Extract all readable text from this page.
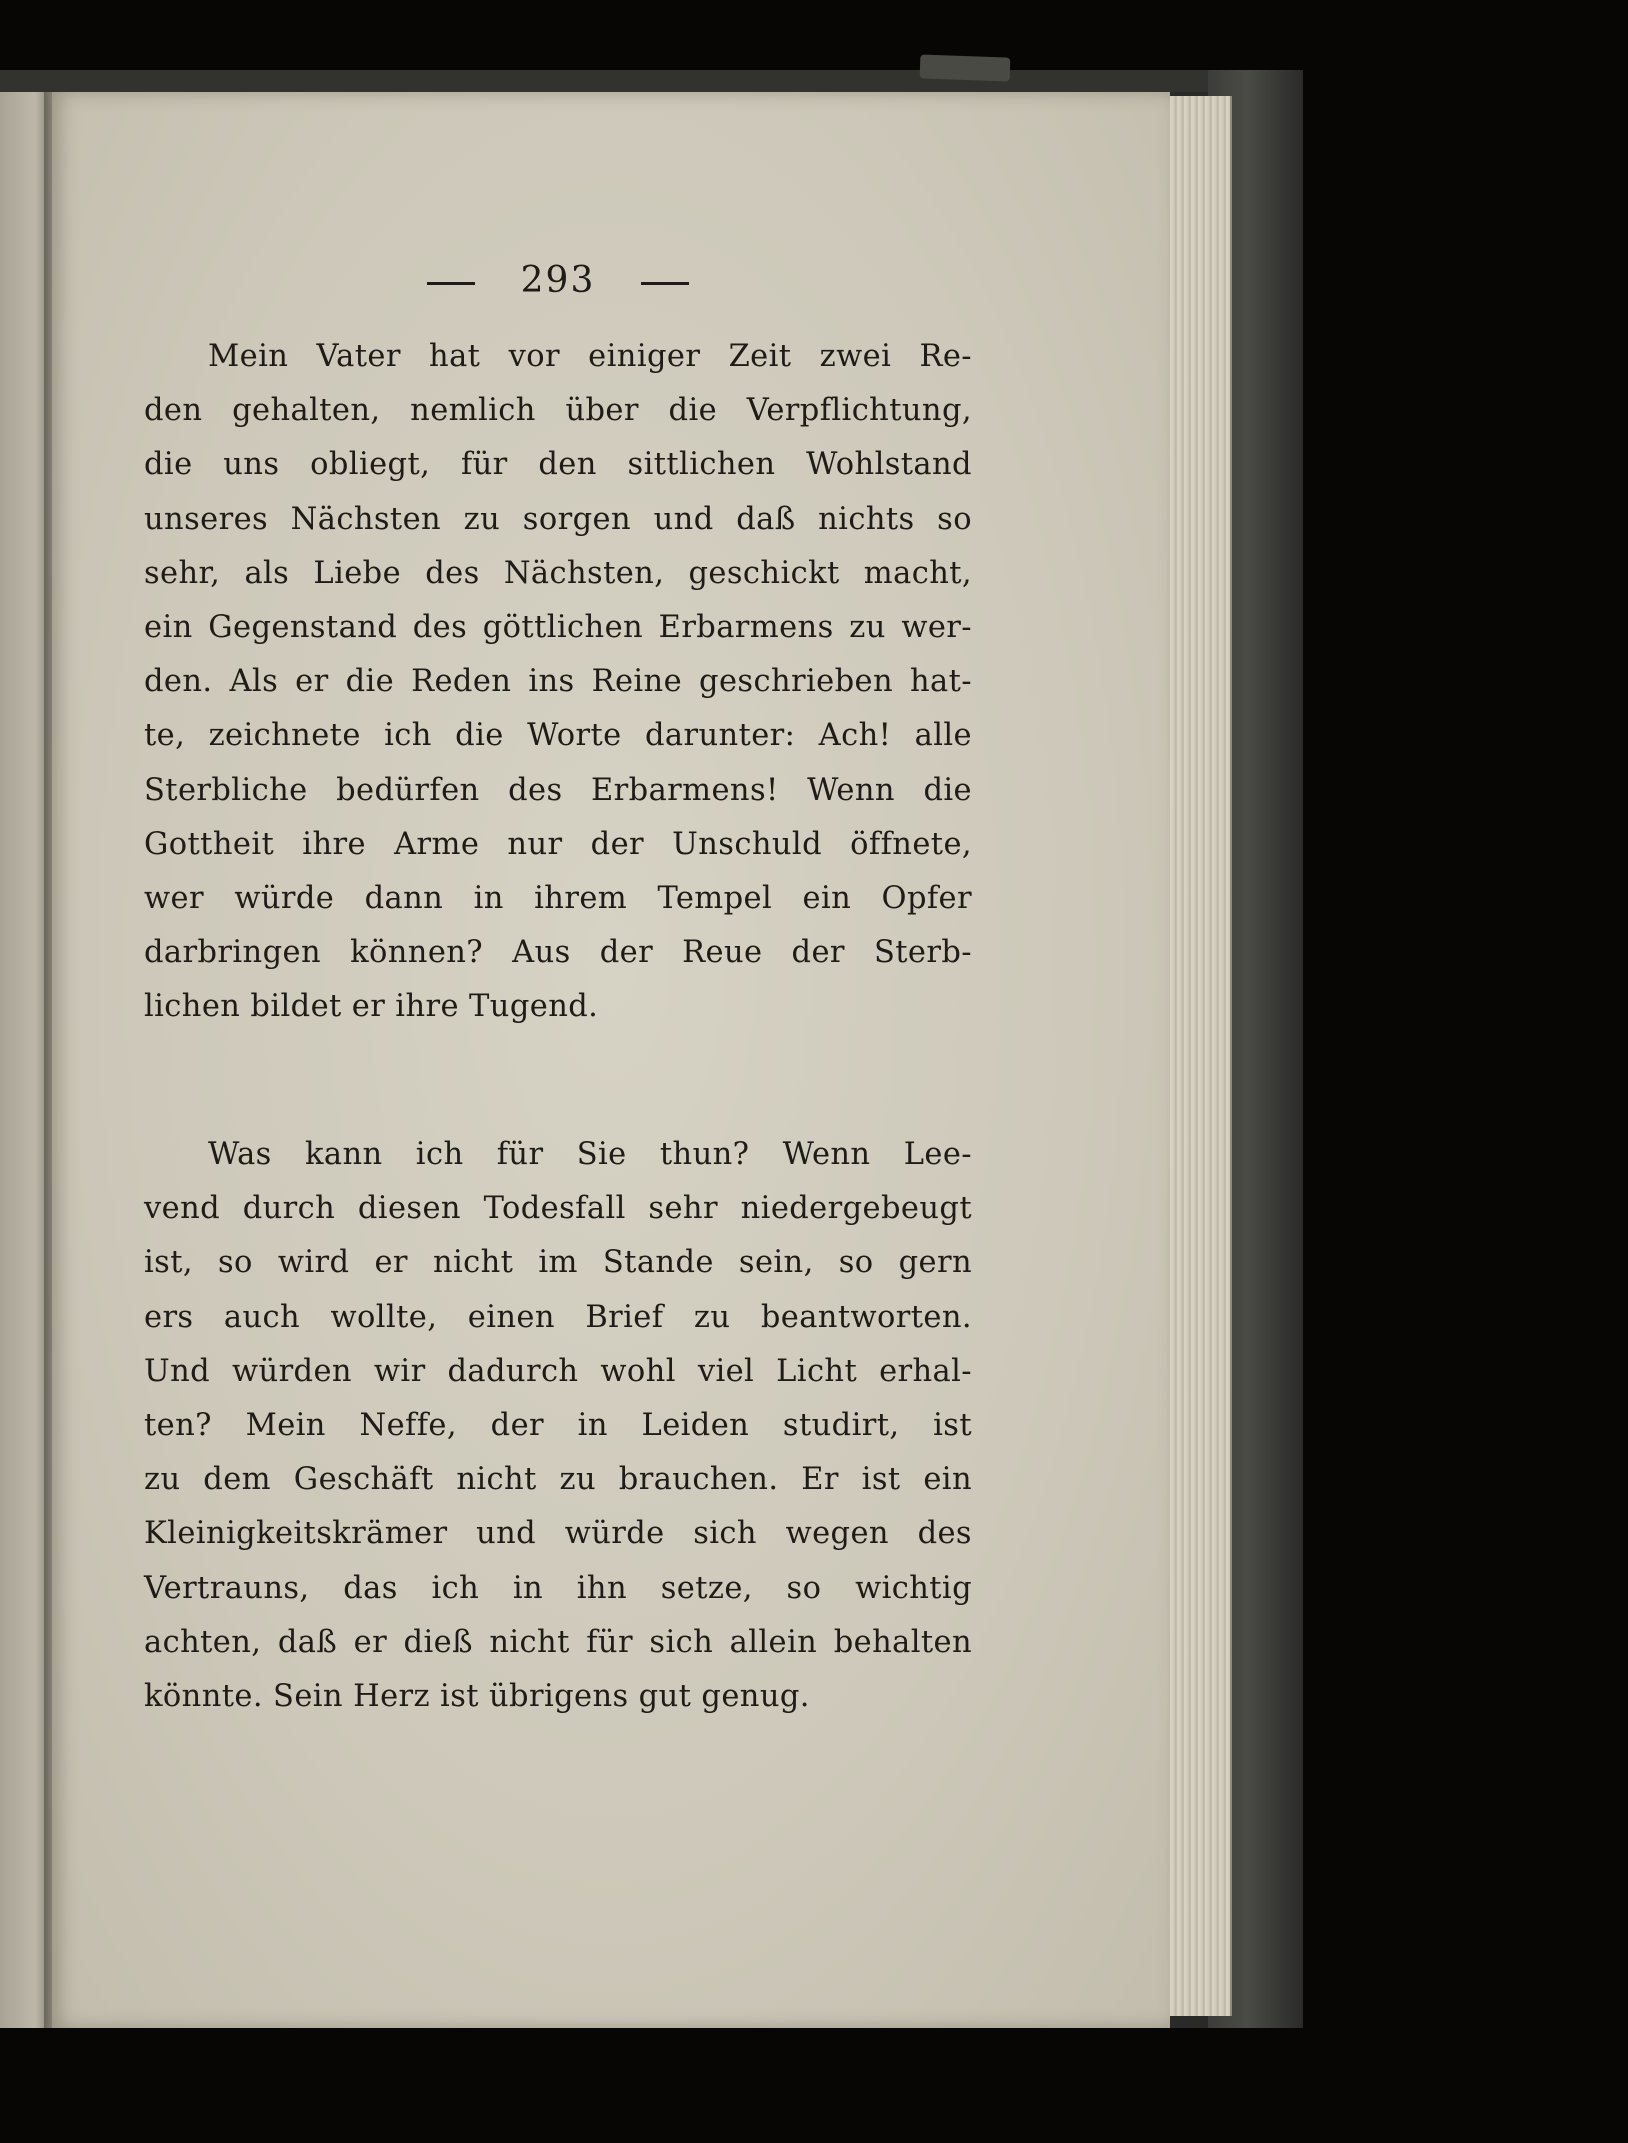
293
Mein Vater hat vor einiger Zeit zwei Re-
den gehalten, nemlich über die Verpflichtung,
die uns obliegt, für den sittlichen Wohlstand
unseres Nächsten zu sorgen und daß nichts so
sehr, als Liebe des Nächsten, geschickt macht,
ein Gegenstand des göttlichen Erbarmens zu wer-
den. Als er die Reden ins Reine geschrieben hat-
te, zeichnete ich die Worte darunter: Ach! alle
Sterbliche bedürfen des Erbarmens! Wenn die
Gottheit ihre Arme nur der Unschuld öffnete,
wer würde dann in ihrem Tempel ein Opfer
darbringen können? Aus der Reue der Sterb-
lichen bildet er ihre Tugend.
Was kann ich für Sie thun? Wenn Lee-
vend durch diesen Todesfall sehr niedergebeugt
ist, so wird er nicht im Stande sein, so gern
ers auch wollte, einen Brief zu beantworten.
Und würden wir dadurch wohl viel Licht erhal-
ten? Mein Neffe, der in Leiden studirt, ist
zu dem Geschäft nicht zu brauchen. Er ist ein
Kleinigkeitskrämer und würde sich wegen des
Vertrauns, das ich in ihn setze, so wichtig
achten, daß er dieß nicht für sich allein behalten
könnte. Sein Herz ist übrigens gut genug.
